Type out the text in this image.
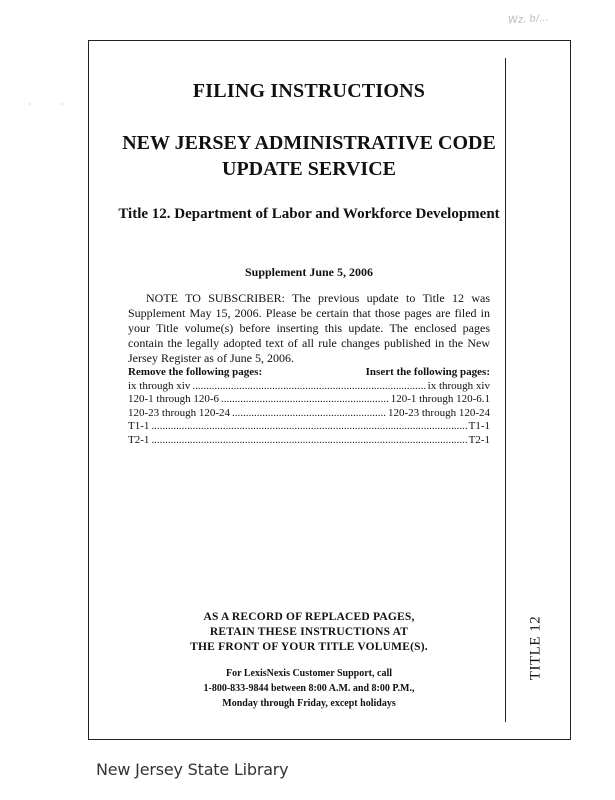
Wz. b/...
· ·
FILING INSTRUCTIONS
NEW JERSEY ADMINISTRATIVE CODE
UPDATE SERVICE
Title 12. Department of Labor and Workforce Development
Supplement June 5, 2006
NOTE TO SUBSCRIBER: The previous update to Title 12 was Supplement May 15, 2006. Please be certain that those pages are filed in your Title volume(s) before inserting this update. The enclosed pages contain the legally adopted text of all rule changes published in the New Jersey Register as of June 5, 2006.
Remove the following pages:	Insert the following pages:
ix through xiv .....	ix through xiv
120-1 through 120-6 .....	120-1 through 120-6.1
120-23 through 120-24 .....	120-23 through 120-24
T1-1 .....	T1-1
T2-1 .....	T2-1
AS A RECORD OF REPLACED PAGES,
RETAIN THESE INSTRUCTIONS AT
THE FRONT OF YOUR TITLE VOLUME(S).
For LexisNexis Customer Support, call
1-800-833-9844 between 8:00 A.M. and 8:00 P.M.,
Monday through Friday, except holidays
TITLE 12
New Jersey State Library
